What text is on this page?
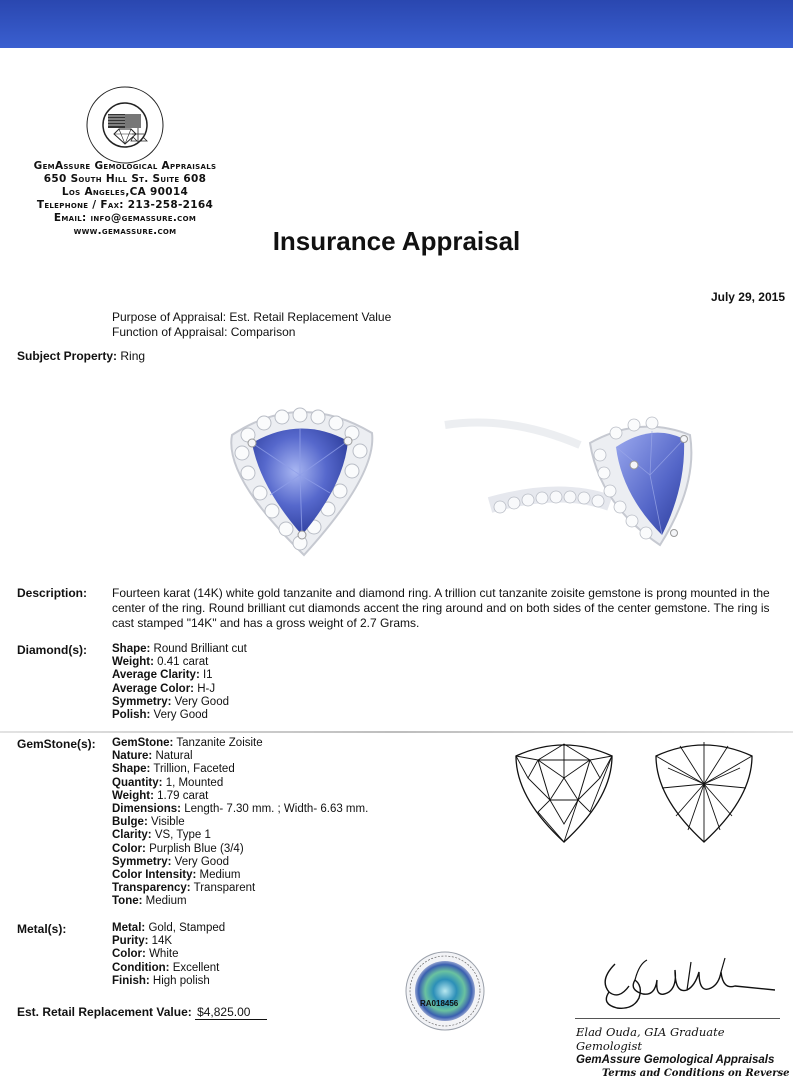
GemAssure Gemological Appraisals
650 South Hill St. Suite 608
Los Angeles,CA 90014
Telephone / Fax: 213-258-2164
Email: info@gemassure.com
www.gemassure.com	Insurance Appraisal
July 29, 2015
Purpose of Appraisal: Est. Retail Replacement Value
Function of Appraisal: Comparison
Subject Property: Ring
Description: Fourteen karat (14K) white gold tanzanite and diamond ring. A trillion cut tanzanite zoisite gemstone is prong mounted in the center of the ring. Round brilliant cut diamonds accent the ring around and on both sides of the center gemstone. The ring is cast stamped "14K" and has a gross weight of 2.7 Grams.
Diamond(s): Shape: Round Brilliant cut
Weight: 0.41 carat
Average Clarity: I1
Average Color: H-J
Symmetry: Very Good
Polish: Very Good
GemStone(s): GemStone: Tanzanite Zoisite
Nature: Natural
Shape: Trillion, Faceted
Quantity: 1, Mounted
Weight: 1.79 carat
Dimensions: Length- 7.30 mm. ; Width- 6.63 mm.
Bulge: Visible
Clarity: VS, Type 1
Color: Purplish Blue (3/4)
Symmetry: Very Good
Color Intensity: Medium
Transparency: Transparent
Tone: Medium
Metal(s):	Metal: Gold, Stamped
Purity: 14K
Color: White
Condition: Excellent
Finish: High polish
Est. Retail Replacement Value: $4,825.00
RA018456
Elad Ouda, GIA Graduate Gemologist
GemAssure Gemological Appraisals
Terms and Conditions on Reverse
